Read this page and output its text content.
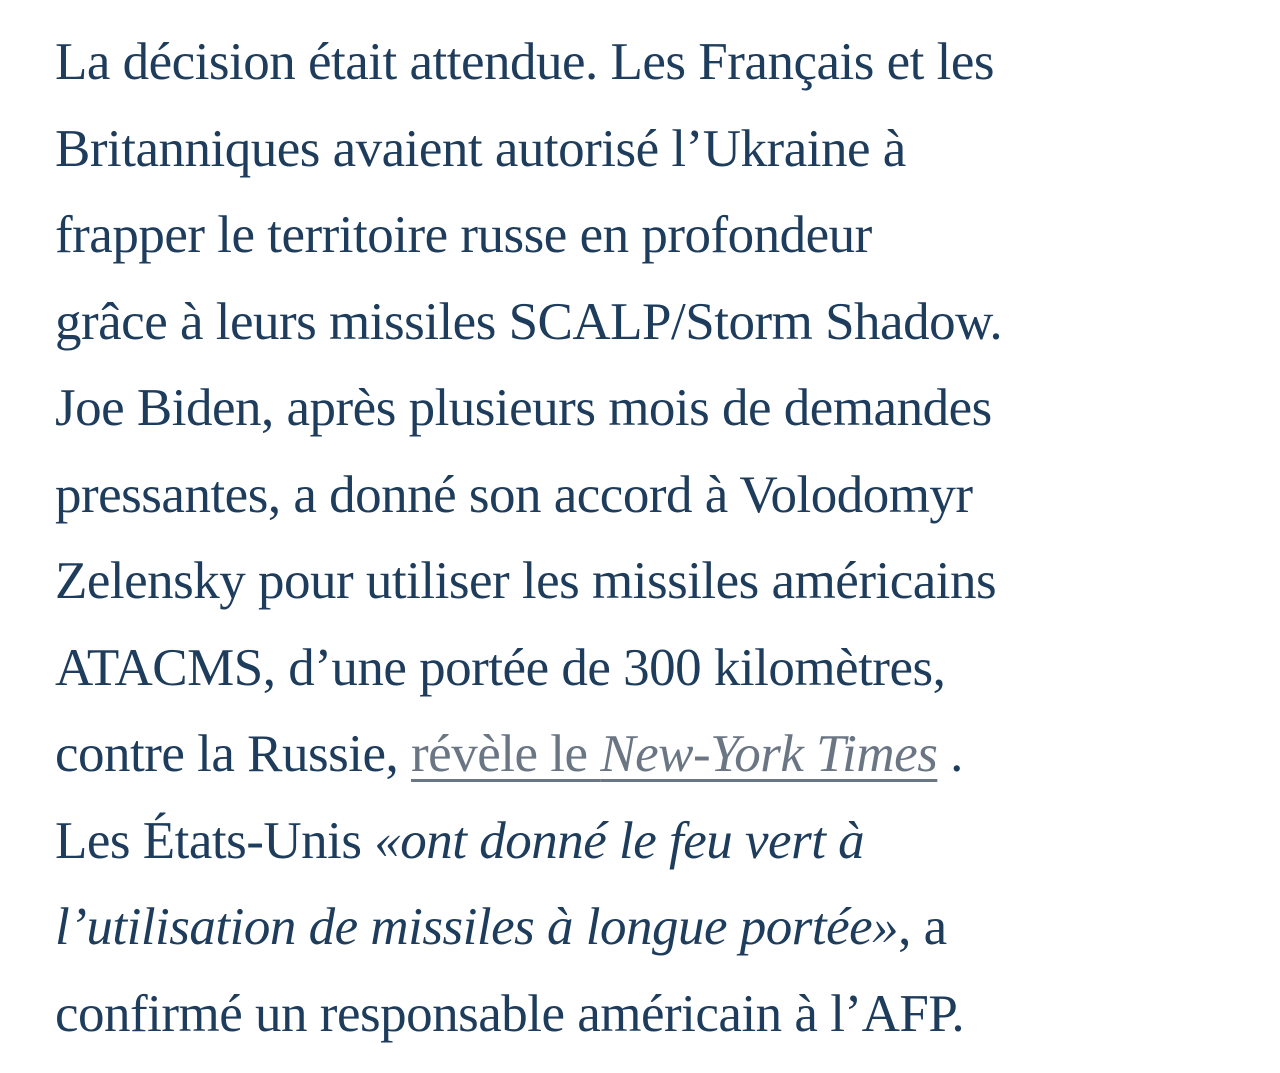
La décision était attendue. Les Français et les
Britanniques avaient autorisé l’Ukraine à
frapper le territoire russe en profondeur
grâce à leurs missiles SCALP/Storm Shadow.
Joe Biden, après plusieurs mois de demandes
pressantes, a donné son accord à Volodomyr
Zelensky pour utiliser les missiles américains
ATACMS, d’une portée de 300 kilomètres,
contre la Russie, révèle le New-York Times .
Les États-Unis «ont donné le feu vert à
l’utilisation de missiles à longue portée», a
confirmé un responsable américain à l’AFP.
